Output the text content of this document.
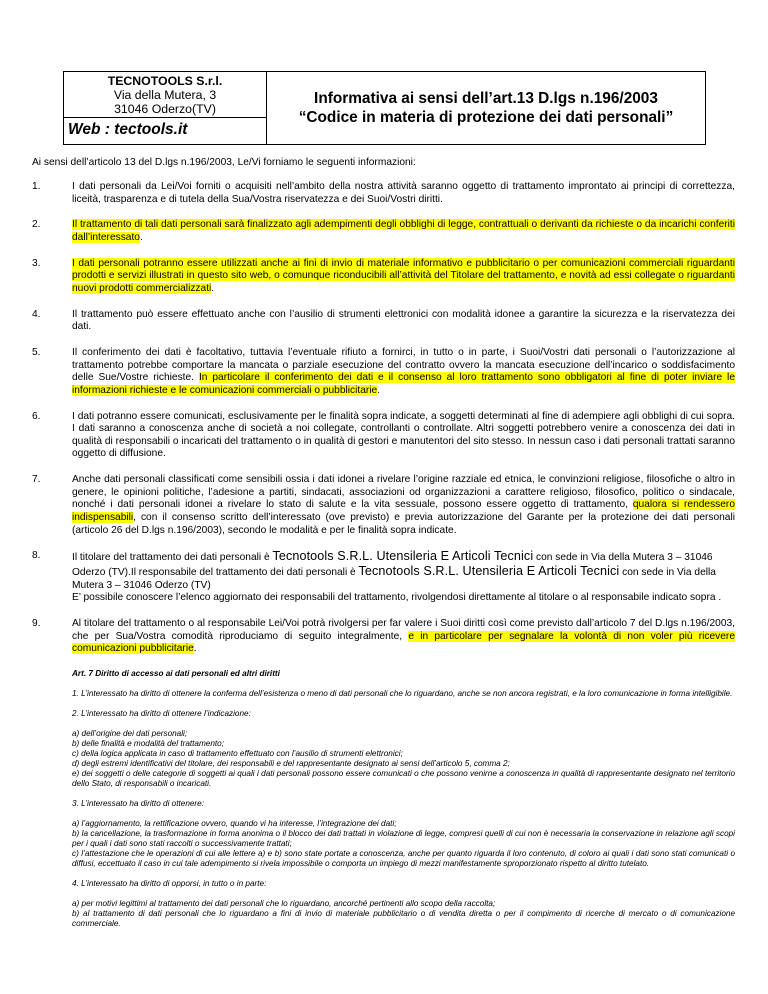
TECNOTOOLS S.r.l.
Via della Mutera, 3
31046 Oderzo(TV)
Web : tectools.it
Informativa ai sensi dell’art.13 D.lgs n.196/2003
“Codice in materia di protezione dei dati personali”
Ai sensi dell’articolo 13 del D.lgs n.196/2003, Le/Vi forniamo le seguenti informazioni:
1.	I dati personali da Lei/Voi forniti o acquisiti nell’ambito della nostra attività saranno oggetto di trattamento improntato ai principi di correttezza, liceità, trasparenza e di tutela della Sua/Vostra riservatezza e dei Suoi/Vostri diritti.
2.	Il trattamento di tali dati personali sarà finalizzato agli adempimenti degli obblighi di legge, contrattuali o derivanti da richieste o da incarichi conferiti dall’interessato.
3.	I dati personali potranno essere utilizzati anche ai fini di invio di materiale informativo e pubblicitario o per comunicazioni commerciali riguardanti prodotti e servizi illustrati in questo sito web, o comunque riconducibili all’attività del Titolare del trattamento, e novità ad essi collegate o riguardanti nuovi prodotti commercializzati.
4.	Il trattamento può essere effettuato anche con l’ausilio di strumenti elettronici con modalità idonee a garantire la sicurezza e la riservatezza dei dati.
5.	Il conferimento dei dati è facoltativo, tuttavia l’eventuale rifiuto a fornirci, in tutto o in parte, i Suoi/Vostri dati personali o l’autorizzazione al trattamento potrebbe comportare la mancata o parziale esecuzione del contratto ovvero la mancata esecuzione dell’incarico o soddisfacimento delle Sue/Vostre richieste. In particolare il conferimento dei dati e il consenso al loro trattamento sono obbligatori al fine di poter inviare le informazioni richieste e le comunicazioni commerciali o pubblicitarie.
6.	I dati potranno essere comunicati, esclusivamente per le finalità sopra indicate, a soggetti determinati al fine di adempiere agli obblighi di cui sopra. I dati saranno a conoscenza anche di società a noi collegate, controllanti o controllate. Altri soggetti potrebbero venire a conoscenza dei dati in qualità di responsabili o incaricati del trattamento o in qualità di gestori e manutentori del sito stesso. In nessun caso i dati personali trattati saranno oggetto di diffusione.
7.	Anche dati personali classificati come sensibili ossia i dati idonei a rivelare l’origine razziale ed etnica, le convinzioni religiose, filosofiche o altro in genere, le opinioni politiche, l’adesione a partiti, sindacati, associazioni od organizzazioni a carattere religioso, filosofico, politico o sindacale, nonché i dati personali idonei a rivelare lo stato di salute e la vita sessuale, possono essere oggetto di trattamento, qualora si rendessero indispensabili, con il consenso scritto dell’interessato (ove previsto) e previa autorizzazione del Garante per la protezione dei dati personali (articolo 26 del D.lgs n.196/2003), secondo le modalità e per le finalità sopra indicate.
8.	Il titolare del trattamento dei dati personali è Tecnotools S.R.L. Utensileria E Articoli Tecnici con sede in Via della Mutera 3 – 31046 Oderzo (TV).Il responsabile del trattamento dei dati personali è Tecnotools S.R.L. Utensileria E Articoli Tecnici con sede in Via della Mutera 3 – 31046 Oderzo (TV)
E’ possibile conoscere l’elenco aggiornato dei responsabili del trattamento, rivolgendosi direttamente al titolare o al responsabile indicato sopra .
9.	Al titolare del trattamento o al responsabile Lei/Voi potrà rivolgersi per far valere i Suoi diritti così come previsto dall’articolo 7 del D.lgs n.196/2003, che per Sua/Vostra comodità riproduciamo di seguito integralmente, e in particolare per segnalare la volontà di non voler più ricevere comunicazioni pubblicitarie.

Art. 7 Diritto di accesso ai dati personali ed altri diritti

1. L’interessato ha diritto di ottenere la conferma dell’esistenza o meno di dati personali che lo riguardano, anche se non ancora registrati, e la loro comunicazione in forma intelligibile.

2. L’interessato ha diritto di ottenere l’indicazione:

a) dell’origine dei dati personali;
b) delle finalità e modalità del trattamento;
c) della logica applicata in caso di trattamento effettuato con l’ausilio di strumenti elettronici;
d) degli estremi identificativi del titolare, dei responsabili e del rappresentante designato ai sensi dell’articolo 5, comma 2;
e) dei soggetti o delle categorie di soggetti ai quali i dati personali possono essere comunicati o che possono venirne a conoscenza in qualità di rappresentante designato nel territorio dello Stato, di responsabili o incaricati.

3. L’interessato ha diritto di ottenere:

a) l’aggiornamento, la rettificazione ovvero, quando vi ha interesse, l’integrazione dei dati;
b) la cancellazione, la trasformazione in forma anonima o il blocco dei dati trattati in violazione di legge, compresi quelli di cui non è necessaria la conservazione in relazione agli scopi per i quali i dati sono stati raccolti o successivamente trattati;
c) l’attestazione che le operazioni di cui alle lettere a) e b) sono state portate a conoscenza, anche per quanto riguarda il loro contenuto, di coloro ai quali i dati sono stati comunicati o diffusi, eccettuato il caso in cui tale adempimento si rivela impossibile o comporta un impiego di mezzi manifestamente sproporzionato rispetto al diritto tutelato.

4. L’interessato ha diritto di opporsi, in tutto o in parte:

a) per motivi legittimi al trattamento dei dati personali che lo riguardano, ancorché pertinenti allo scopo della raccolta;
b) al trattamento di dati personali che lo riguardano a fini di invio di materiale pubblicitario o di vendita diretta o per il compimento di ricerche di mercato o di comunicazione commerciale.
